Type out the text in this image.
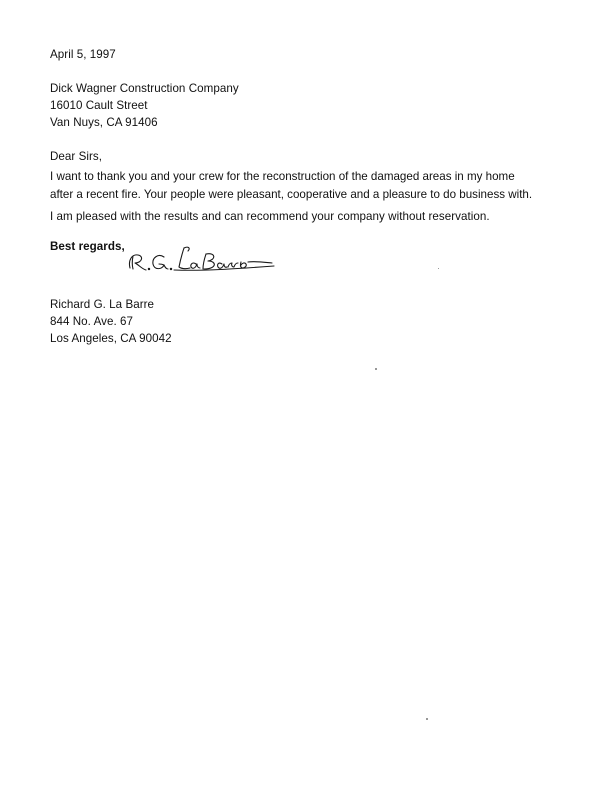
April 5, 1997
Dick Wagner Construction Company
16010 Cault Street
Van Nuys, CA 91406
Dear Sirs,
I want to thank you and your crew for the reconstruction of the damaged areas in my home
after a recent fire. Your people were pleasant, cooperative and a pleasure to do business with.
I am pleased with the results and can recommend your company without reservation.
Best regards,
Richard G. La Barre
844 No. Ave. 67
Los Angeles, CA 90042
